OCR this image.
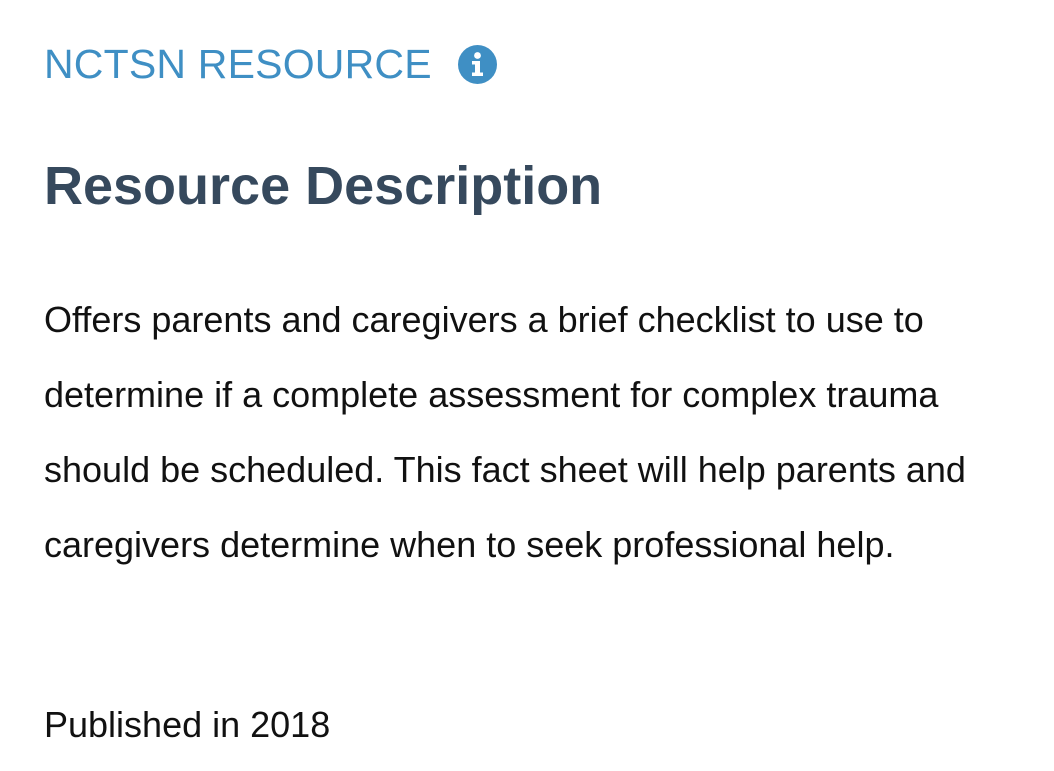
NCTSN RESOURCE
Resource Description

Offers parents and caregivers a brief checklist to use to determine if a complete assessment for complex trauma should be scheduled. This fact sheet will help parents and caregivers determine when to seek professional help.

Published in 2018
